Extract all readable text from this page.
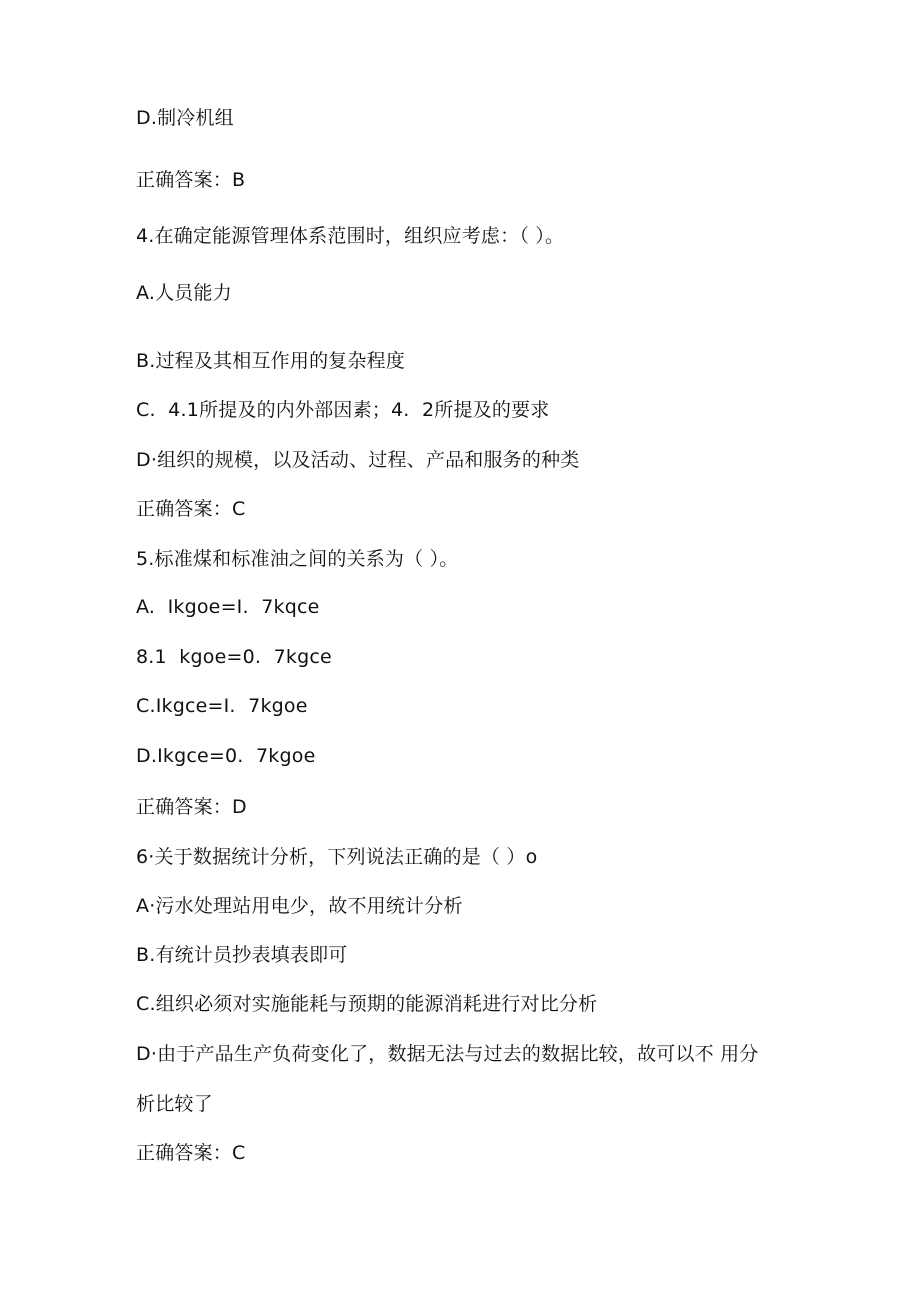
D.制冷机组
正确答案：B
4.在确定能源管理体系范围时，组织应考虑：（ ）。
A.人员能力
B.过程及其相互作用的复杂程度
C.  4.1所提及的内外部因素；4.  2所提及的要求
D·组织的规模，以及活动、过程、产品和服务的种类
正确答案：C
5.标准煤和标准油之间的关系为（ ）。
A.  Ikgoe=I.  7kqce
8.1  kgoe=0.  7kgce
C.Ikgce=I.  7kgoe
D.Ikgce=0.  7kgoe
正确答案：D
6·关于数据统计分析，下列说法正确的是（ ）o
A·污水处理站用电少，故不用统计分析
B.有统计员抄表填表即可
C.组织必须对实施能耗与预期的能源消耗进行对比分析
D·由于产品生产负荷变化了，数据无法与过去的数据比较，故可以不 用分
析比较了
正确答案：C
